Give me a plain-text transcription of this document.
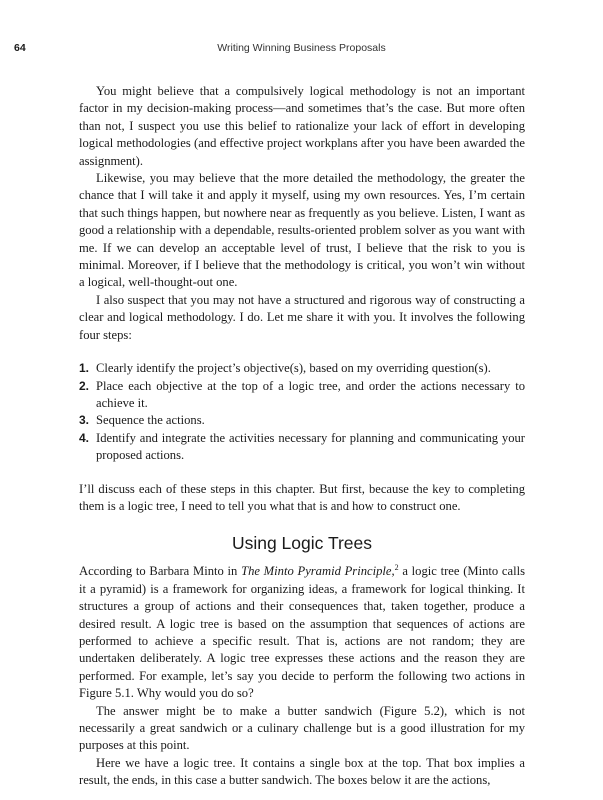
64	Writing Winning Business Proposals

You might believe that a compulsively logical methodology is not an important factor in my decision-making process—and sometimes that’s the case. But more often than not, I suspect you use this belief to rationalize your lack of effort in developing logical methodologies (and effective project workplans after you have been awarded the assignment).

Likewise, you may believe that the more detailed the methodology, the greater the chance that I will take it and apply it myself, using my own resources. Yes, I’m certain that such things happen, but nowhere near as frequently as you believe. Listen, I want as good a relationship with a dependable, results-oriented problem solver as you want with me. If we can develop an acceptable level of trust, I believe that the risk to you is minimal. Moreover, if I believe that the methodology is critical, you won’t win without a logical, well-thought-out one.

I also suspect that you may not have a structured and rigorous way of constructing a clear and logical methodology. I do. Let me share it with you. It involves the following four steps:

1. Clearly identify the project’s objective(s), based on my overriding question(s).
2. Place each objective at the top of a logic tree, and order the actions necessary to achieve it.
3. Sequence the actions.
4. Identify and integrate the activities necessary for planning and communicating your proposed actions.

I’ll discuss each of these steps in this chapter. But first, because the key to completing them is a logic tree, I need to tell you what that is and how to construct one.

Using Logic Trees

According to Barbara Minto in The Minto Pyramid Principle,$^2$ a logic tree (Minto calls it a pyramid) is a framework for organizing ideas, a framework for logical thinking. It structures a group of actions and their consequences that, taken together, produce a desired result. A logic tree is based on the assumption that sequences of actions are performed to achieve a specific result. That is, actions are not random; they are undertaken deliberately. A logic tree expresses these actions and the reason they are performed. For example, let’s say you decide to perform the following two actions in Figure 5.1. Why would you do so?

The answer might be to make a butter sandwich (Figure 5.2), which is not necessarily a great sandwich or a culinary challenge but is a good illustration for my purposes at this point.

Here we have a logic tree. It contains a single box at the top. That box implies a result, the ends, in this case a butter sandwich. The boxes below it are the actions,
